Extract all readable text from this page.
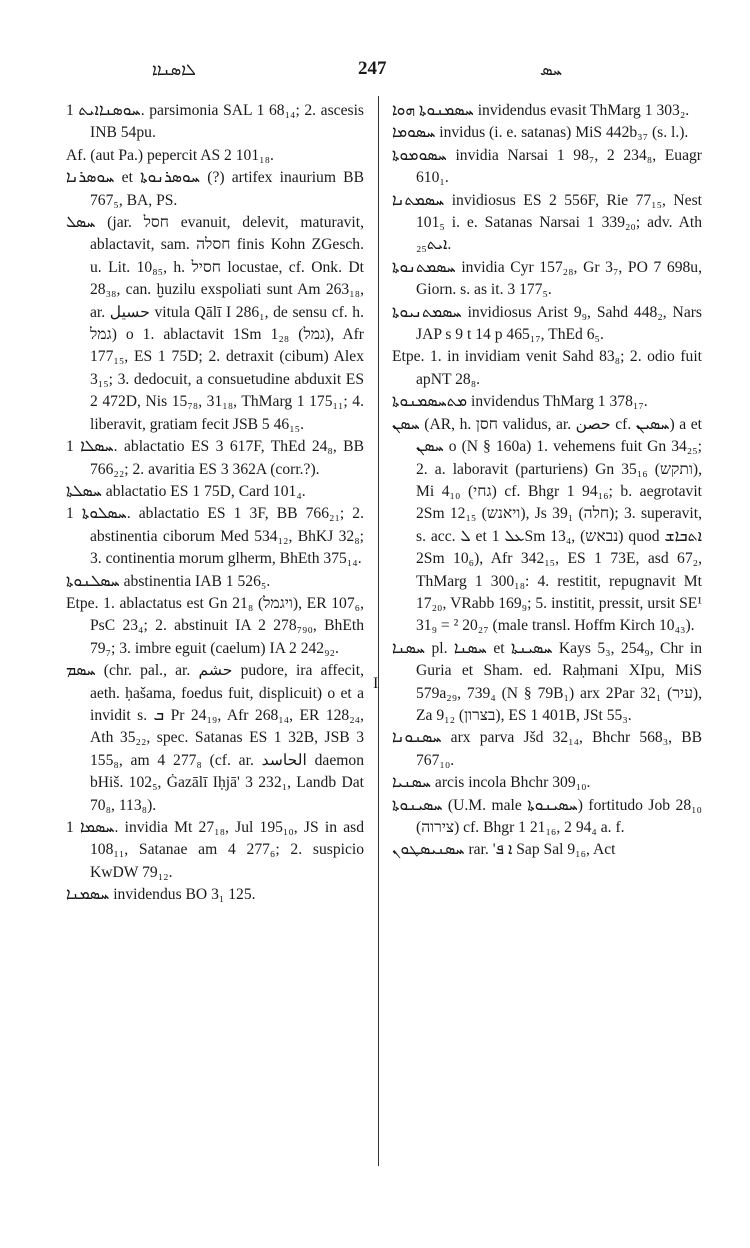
ܠܐܣܢܐܐ	247	ܚܣ

ܚܘܣܢܐܐܝܬ 1. parsimonia SAL 1 68₁₄; 2. ascesis INB 54pu.

Af. (aut Pa.) pepercit AS 2 101₁₈.

ܚܘܣܪܢܐ et ܚܘܣܪܢܘܬܐ (?) artifex inaurium BB 767₅, BA, PS.

ܚܣܠ (jar. חסל evanuit, delevit, maturavit, ablactavit, sam. חסלה finis Kohn ZGesch. u. Lit. 10₈₅, h. חסיל locustae, cf. Onk. Dt 28₃₈, can. ḫuzilu exspoliati sunt Am 263₁₈, ar. حسيل vitula Qālī I 286₁, de sensu cf. h. גמל) o 1. ablactavit 1Sm 1₂₈ (גמל), Afr 177₁₅, ES 1 75D; 2. detraxit (cibum) Alex 3₁₅; 3. dedocuit, a consuetudine abduxit ES 2 472D, Nis 15₇₈, 31₁₈, ThMarg 1 175₁₁; 4. liberavit, gratiam fecit JSB 5 46₁₅.

ܚܣܠܐ 1. ablactatio ES 3 617F, ThEd 24₈, BB 766₂₂; 2. avaritia ES 3 362A (corr.?).

ܚܣܠܬܐ ablactatio ES 1 75D, Card 101₄.

ܚܣܠܘܬܐ 1. ablactatio ES 1 3F, BB 766₂₁; 2. abstinentia ciborum Med 534₁₂, BhKJ 32₈; 3. continentia morum glherm, BhEth 375₁₄.

ܚܣܠܢܘܬܐ abstinentia IAB 1 526₅.

Etpe. 1. ablactatus est Gn 21₈ (ויגמל), ER 107₆, PsC 23₄; 2. abstinuit IA 2 278₇₉₀, BhEth 79₇; 3. imbre eguit (caelum) IA 2 242₉₂.

ܚܣܡ (chr. pal., ar. حشم pudore, ira affecit, aeth. ḥašama, foedus fuit, displicuit) o et a invidit s. ܒ Pr 24₁₉, Afr 268₁₄, ER 128₂₄, Ath 35₂₂, spec. Satanas ES 1 32B, JSB 3 155₈, am 4 277₈ (cf. ar. الحاسد daemon bHiš. 102₅, Ġazālī Iḥjā' 3 232₁, Landb Dat 70₈, 113₈).

ܚܣܡܐ 1. invidia Mt 27₁₈, Jul 195₁₀, JS in asd 108₁₁, Satanae am 4 277₆; 2. suspicio KwDW 79₁₂.

ܚܣܡܢܐ invidendus BO 3₁ 125.

ܚܣܡܢܘܬܐ ܗܘܐ invidendus evasit ThMarg 1 303₂.

ܚܣܘܡܐ invidus (i. e. satanas) MiS 442b₃₇ (s. l.).

ܚܣܘܡܘܬܐ invidia Narsai 1 98₇, 2 234₈, Euagr 610₁.

ܚܣܡܬܢܐ invidiosus ES 2 556F, Rie 77₁₅, Nest 101₅ i. e. Satanas Narsai 1 339₂₀; adv. Ath ܐܝܬ₂₅.

ܚܣܡܬܢܘܬܐ invidia Cyr 157₂₈, Gr 3₇, PO 7 698u, Giorn. s. as it. 3 177₅.

ܚܣܡܬܢܝܘܬܐ invidiosus Arist 9₉, Sahd 448₂, Nars JAP s 9 t 14 p 465₁₇, ThEd 6₅.

Etpe. 1. in invidiam venit Sahd 83₈; 2. odio fuit apNT 28₈.

ܡܬܚܣܡܢܘܬܐ invidendus ThMarg 1 378₁₇.

ܚܣܢ (AR, h. חסן validus, ar. حصن cf. ܚܣܝܢ) a et ܚܣܢ o (N § 160a) 1. vehemens fuit Gn 34₂₅; 2. a. laboravit (parturiens) Gn 35₁₆ (ותקש), Mi 4₁₀ (גחי) cf. Bhgr 1 94₁₆; b. aegrotavit 2Sm 12₁₅ (ויאנש), Js 39₁ (חלה); 3. superavit, s. acc. ܠ et ܥܠ 1Sm 13₄, (נבאש) quod ܐܬܒܐܫ 2Sm 10₆), Afr 342₁₅, ES 1 73E, asd 67₂, ThMarg 1 300₁₈: 4. restitit, repugnavit Mt 17₂₀, VRabb 169₉; 5. institit, pressit, ursit SE¹ 31₉ = ² 20₂₇ (male transl. Hoffm Kirch 10₄₃).

ܚܣܢܐ pl. ܚܣܢܐ et ܚܣܝܢܬܐ Kays 5₃, 254₉, Chr in Guria et Sham. ed. Raḥmani XIpu, MiS 579a₂₉, 739₄ (N § 79B₁) arx 2Par 32₁ (עיר), Za 9₁₂ (בצרון), ES 1 401B, JSt 55₃.

ܚܣܢܘܢܐ arx parva Jšd 32₁₄, Bhchr 568₃, BB 767₁₀.

ܚܣܢܝܐ arcis incola Bhchr 309₁₀.

ܚܣܝܢܘܬܐ (U.M. male ܚܣܝܢܘܬܐ) fortitudo Job 28₁₀ (צירוה) cf. Bhgr 1 21₁₆, 2 94₄ a. f.

ܚܣܢܝܣܛܘܢ rar. 'ܐ ܦ Sap Sal 9₁₆, Act

I
